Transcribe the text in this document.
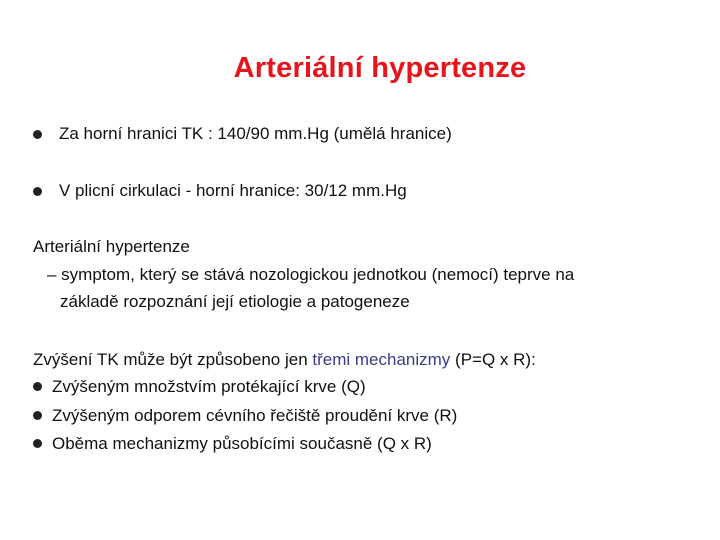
Arteriální hypertenze
Za horní hranici TK : 140/90 mm.Hg (umělá hranice)
V plicní cirkulaci - horní hranice: 30/12 mm.Hg
Arteriální hypertenze
– symptom, který se stává nozologickou jednotkou (nemocí) teprve na
základě rozpoznání její etiologie a patogeneze
Zvýšení TK může být způsobeno jen třemi mechanizmy (P=Q x R):
Zvýšeným množstvím protékající krve (Q)
Zvýšeným odporem cévního řečiště proudění krve (R)
Oběma mechanizmy působícími současně (Q x R)
